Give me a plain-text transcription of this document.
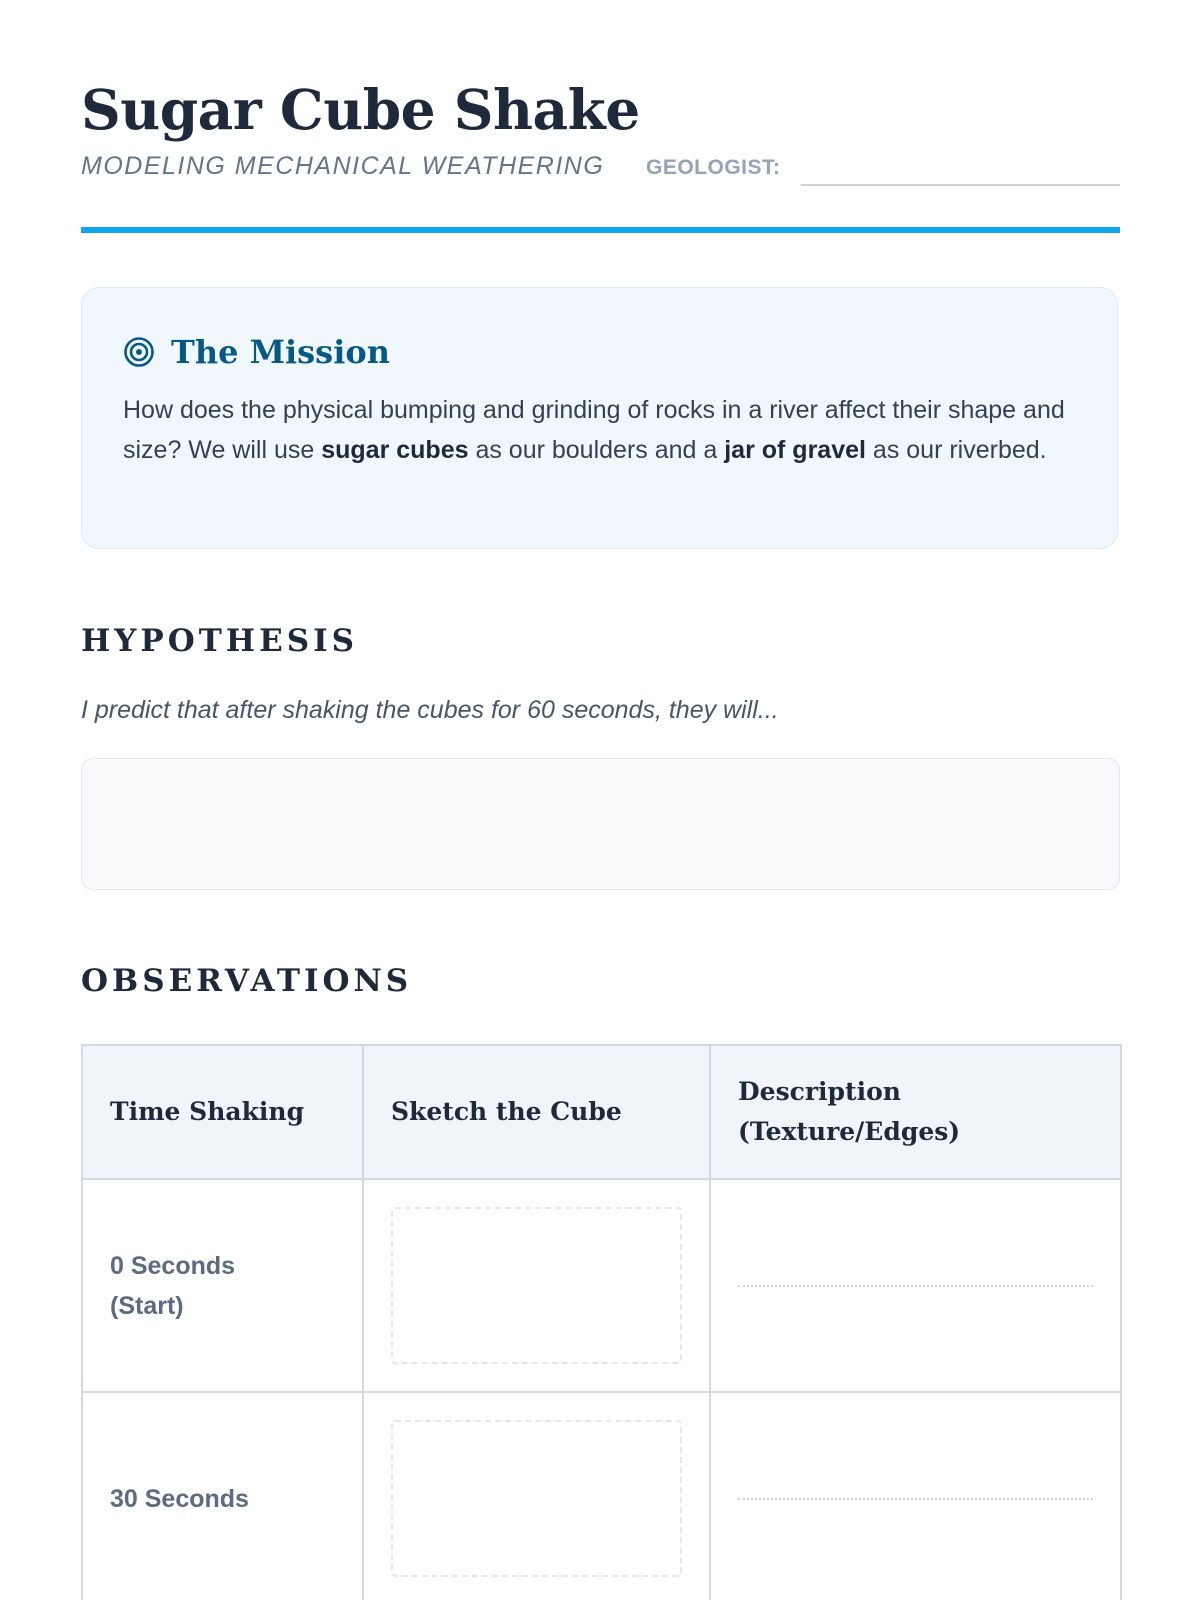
Sugar Cube Shake
MODELING MECHANICAL WEATHERING GEOLOGIST:
The Mission

How does the physical bumping and grinding of rocks in a river affect their shape and size? We will use sugar cubes as our boulders and a jar of gravel as our riverbed.

HYPOTHESIS

I predict that after shaking the cubes for 60 seconds, they will...

OBSERVATIONS
Time Shaking	Sketch the Cube	Description (Texture/Edges)

0 Seconds (Start)		

30 Seconds		
